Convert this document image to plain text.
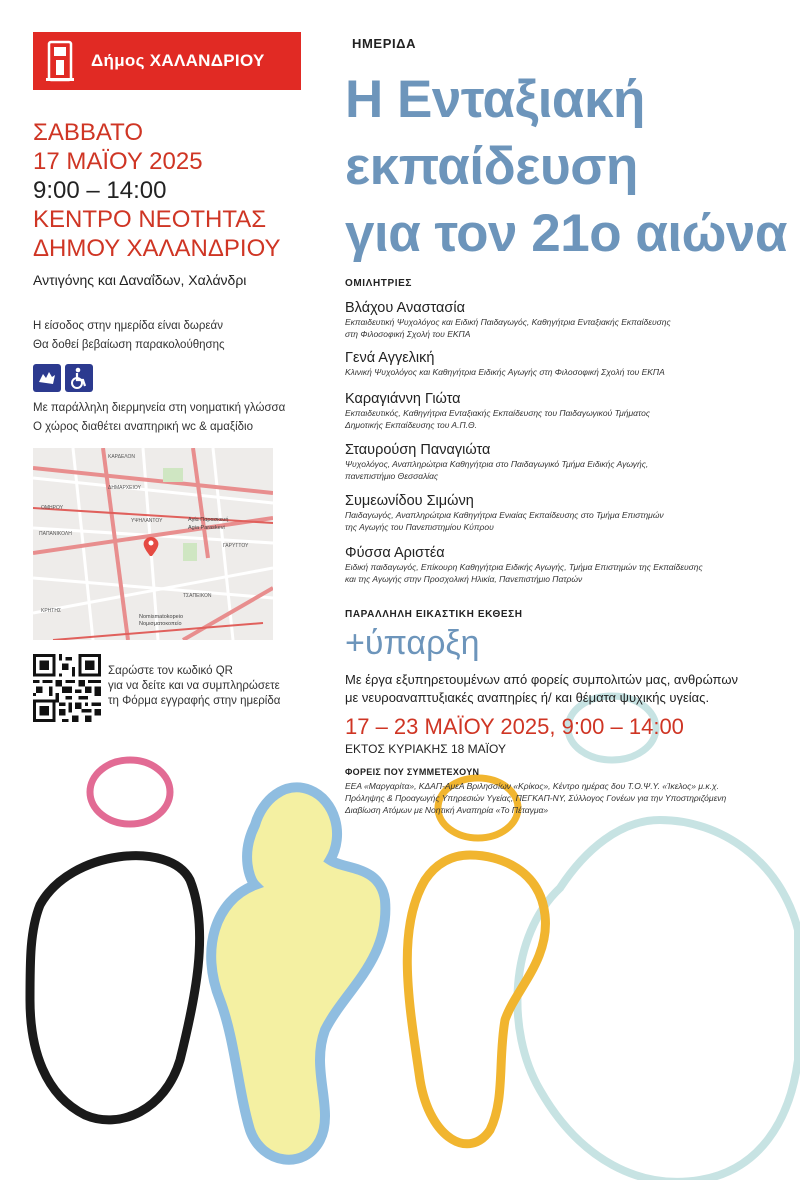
Δήμος ΧΑΛΑΝΔΡΙΟΥ
ΣΑΒΒΑΤΟ
17 ΜΑΪΟΥ 2025
9:00 – 14:00
ΚΕΝΤΡΟ ΝΕΟΤΗΤΑΣ
ΔΗΜΟΥ ΧΑΛΑΝΔΡΙΟΥ
Αντιγόνης και Δαναΐδων, Χαλάνδρι
Η είσοδος στην ημερίδα είναι δωρεάν
Θα δοθεί βεβαίωση παρακολούθησης
Με παράλληλη διερμηνεία στη νοηματική γλώσσα
Ο χώρος διαθέτει αναπηρική wc & αμαξίδιο
ΚΑΡΔΕΛΟΝ
ΔΗΜΑΡΧΕΙΟΥ
ΟΜΗΡΟΥ
ΠΑΠΑΝΙΚΟΛΗ
ΥΨΗΛΑΝΤΟΥ	Αγία Παρασκευή
Agia Paraskevi
ΓΑΡΥΤΤΟΥ
ΤΣΑΠΕΙΚΟΝ
Nomismatokopeio
Νομισματοκοπείο
ΚΡΗΤΗΣ
Σαρώστε τον κωδικό QR
για να δείτε και να συμπληρώσετε
τη Φόρμα εγγραφής στην ημερίδα
ΗΜΕΡΙΔΑ
Η Ενταξιακή
εκπαίδευση
για τον 21ο αιώνα
ΟΜΙΛΗΤΡΙΕΣ
Βλάχου Αναστασία
Εκπαιδευτική Ψυχολόγος και Ειδική Παιδαγωγός, Καθηγήτρια Ενταξιακής Εκπαίδευσης
στη Φιλοσοφική Σχολή του ΕΚΠΑ
Γενά Αγγελική
Κλινική Ψυχολόγος και Καθηγήτρια Ειδικής Αγωγής στη Φιλοσοφική Σχολή του ΕΚΠΑ
Καραγιάννη Γιώτα
Εκπαιδευτικός, Καθηγήτρια Ενταξιακής Εκπαίδευσης του Παιδαγωγικού Τμήματος
Δημοτικής Εκπαίδευσης του Α.Π.Θ.
Σταυρούση Παναγιώτα
Ψυχολόγος, Αναπληρώτρια Καθηγήτρια στο Παιδαγωγικό Τμήμα Ειδικής Αγωγής,
πανεπιστήμιο Θεσσαλίας
Συμεωνίδου Σιμώνη
Παιδαγωγός, Αναπληρώτρια Καθηγήτρια Ενιαίας Εκπαίδευσης στο Τμήμα Επιστημών
της Αγωγής του Πανεπιστημίου Κύπρου
Φύσσα Αριστέα
Ειδική παιδαγωγός, Επίκουρη Καθηγήτρια Ειδικής Αγωγής, Τμήμα Επιστημών της Εκπαίδευσης
και της Αγωγής στην Προσχολική Ηλικία, Πανεπιστήμιο Πατρών
ΠΑΡΑΛΛΗΛΗ ΕΙΚΑΣΤΙΚΗ ΕΚΘΕΣΗ
+ύπαρξη
Με έργα εξυπηρετουμένων από φορείς συμπολιτών μας, ανθρώπων
με νευροαναπτυξιακές αναπηρίες ή/ και θέματα ψυχικής υγείας.
17 – 23 ΜΑΪΟΥ 2025, 9:00 – 14:00
ΕΚΤΟΣ ΚΥΡΙΑΚΗΣ 18 ΜΑΪΟΥ
ΦΟΡΕΙΣ ΠΟΥ ΣΥΜΜΕΤΕΧΟΥΝ
ΕΕΑ «Μαργαρίτα», ΚΔΑΠ-ΑμεΑ Βριλησσίων «Κρίκος», Κέντρο ημέρας δου Τ.Ο.Ψ.Υ. «Ίκελος» μ.κ.χ.
Πρόληψης & Προαγωγής Υπηρεσιών Υγείας, ΠΕΓΚΑΠ-ΝΥ, Σύλλογος Γονέων για την Υποστηριζόμενη
Διαβίωση Ατόμων με Νοητική Αναπηρία «Το Πέταγμα»
